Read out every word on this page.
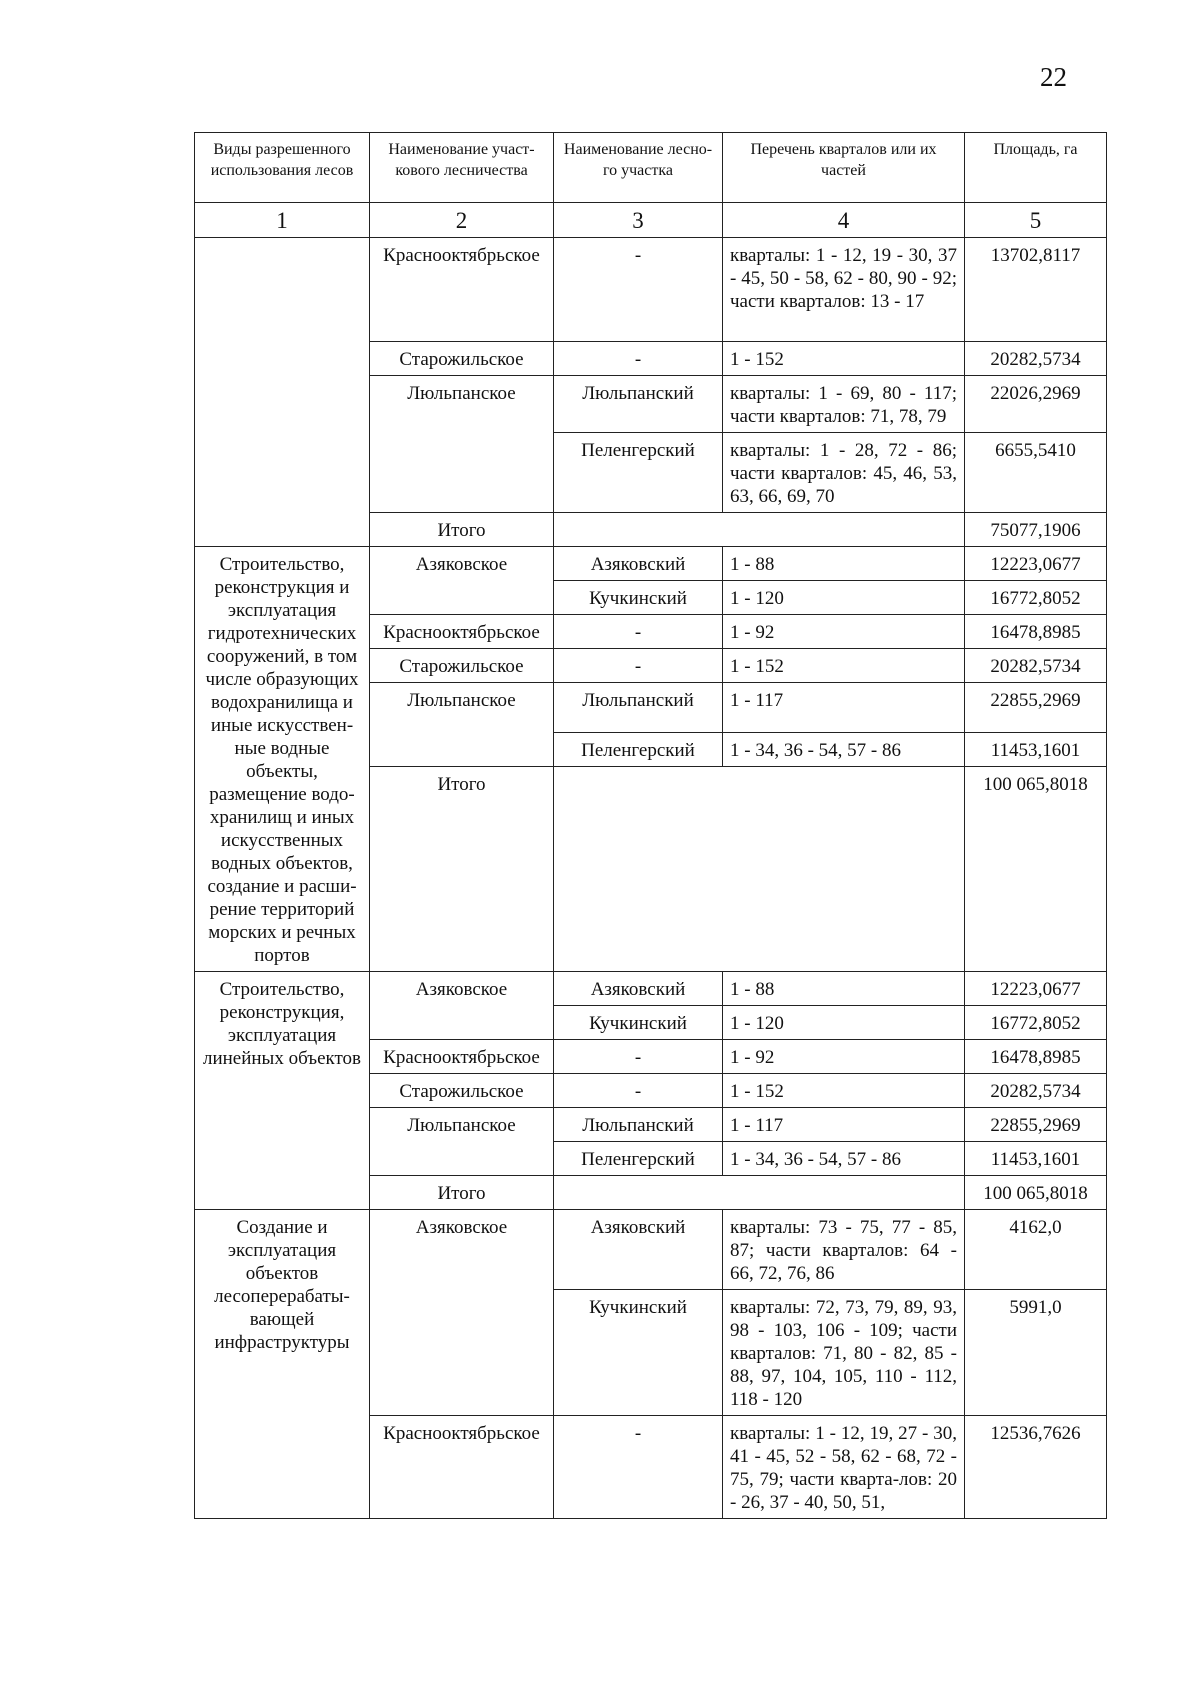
22
Виды разрешенного использования лесов	Наименование участ-кового лесничества	Наименование лесно-го участка	Перечень кварталов или их частей	Площадь, га
1	2	3	4	5
	Краснооктябрьское	-	кварталы: 1 - 12, 19 - 30, 37 - 45, 50 - 58, 62 - 80, 90 - 92; части кварталов: 13 - 17	13702,8117
	Старожильское	-	1 - 152	20282,5734
	Люльпанское	Люльпанский	кварталы: 1 - 69, 80 - 117; части кварталов: 71, 78, 79	22026,2969
		Пеленгерский	кварталы: 1 - 28, 72 - 86; части кварталов: 45, 46, 53, 63, 66, 69, 70	6655,5410
	Итого			75077,1906
Строительство, реконструкция и эксплуатация гидротехнических сооружений, в том числе образующих водохранилища и иные искусствен-ные водные объекты, размещение водо-хранилищ и иных искусственных водных объектов, создание и расши-рение территорий морских и речных портов	Азяковское	Азяковский	1 - 88	12223,0677
		Кучкинский	1 - 120	16772,8052
	Краснооктябрьское	-	1 - 92	16478,8985
	Старожильское	-	1 - 152	20282,5734
	Люльпанское	Люльпанский	1 - 117	22855,2969
		Пеленгерский	1 - 34, 36 - 54, 57 - 86	11453,1601
	Итого			100 065,8018
Строительство, реконструкция, эксплуатация линейных объектов	Азяковское	Азяковский	1 - 88	12223,0677
		Кучкинский	1 - 120	16772,8052
	Краснооктябрьское	-	1 - 92	16478,8985
	Старожильское	-	1 - 152	20282,5734
	Люльпанское	Люльпанский	1 - 117	22855,2969
		Пеленгерский	1 - 34, 36 - 54, 57 - 86	11453,1601
	Итого			100 065,8018
Создание и эксплуатация объектов лесоперерабаты-вающей инфраструктуры	Азяковское	Азяковский	кварталы: 73 - 75, 77 - 85, 87; части кварталов: 64 - 66, 72, 76, 86	4162,0
		Кучкинский	кварталы: 72, 73, 79, 89, 93, 98 - 103, 106 - 109; части кварталов: 71, 80 - 82, 85 - 88, 97, 104, 105, 110 - 112, 118 - 120	5991,0
	Краснооктябрьское	-	кварталы: 1 - 12, 19, 27 - 30, 41 - 45, 52 - 58, 62 - 68, 72 - 75, 79; части кварта-лов: 20 - 26, 37 - 40, 50, 51,	12536,7626
